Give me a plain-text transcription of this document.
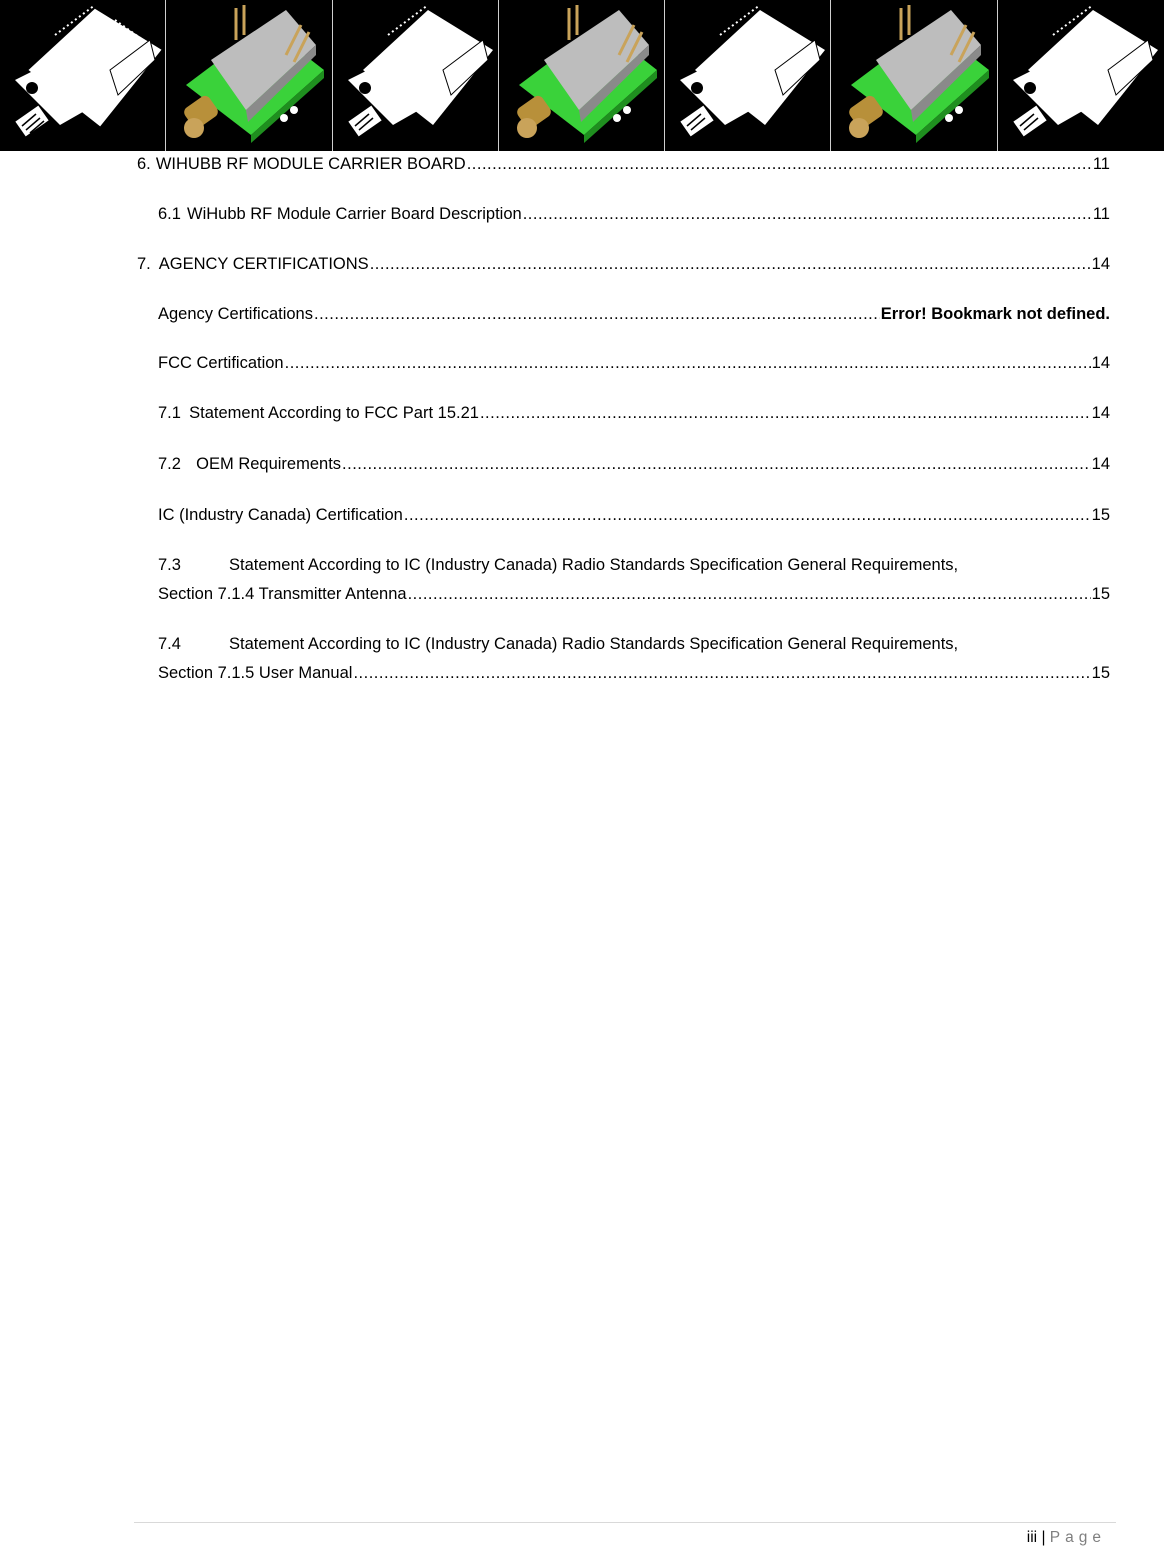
6. WIHUBB RF MODULE CARRIER BOARD .....	11
6.1 WiHubb RF Module Carrier Board Description .....	11
7. AGENCY CERTIFICATIONS .....	14
Agency Certifications .....	Error! Bookmark not defined.
FCC Certification .....	14
7.1 Statement According to FCC Part 15.21 .....	14
7.2 OEM Requirements .....	14
IC (Industry Canada) Certification .....	15
7.3	Statement According to IC (Industry Canada) Radio Standards Specification General Requirements,
Section 7.1.4 Transmitter Antenna .....	15
7.4	Statement According to IC (Industry Canada) Radio Standards Specification General Requirements,
Section 7.1.5 User Manual .....	15
iii | Page
